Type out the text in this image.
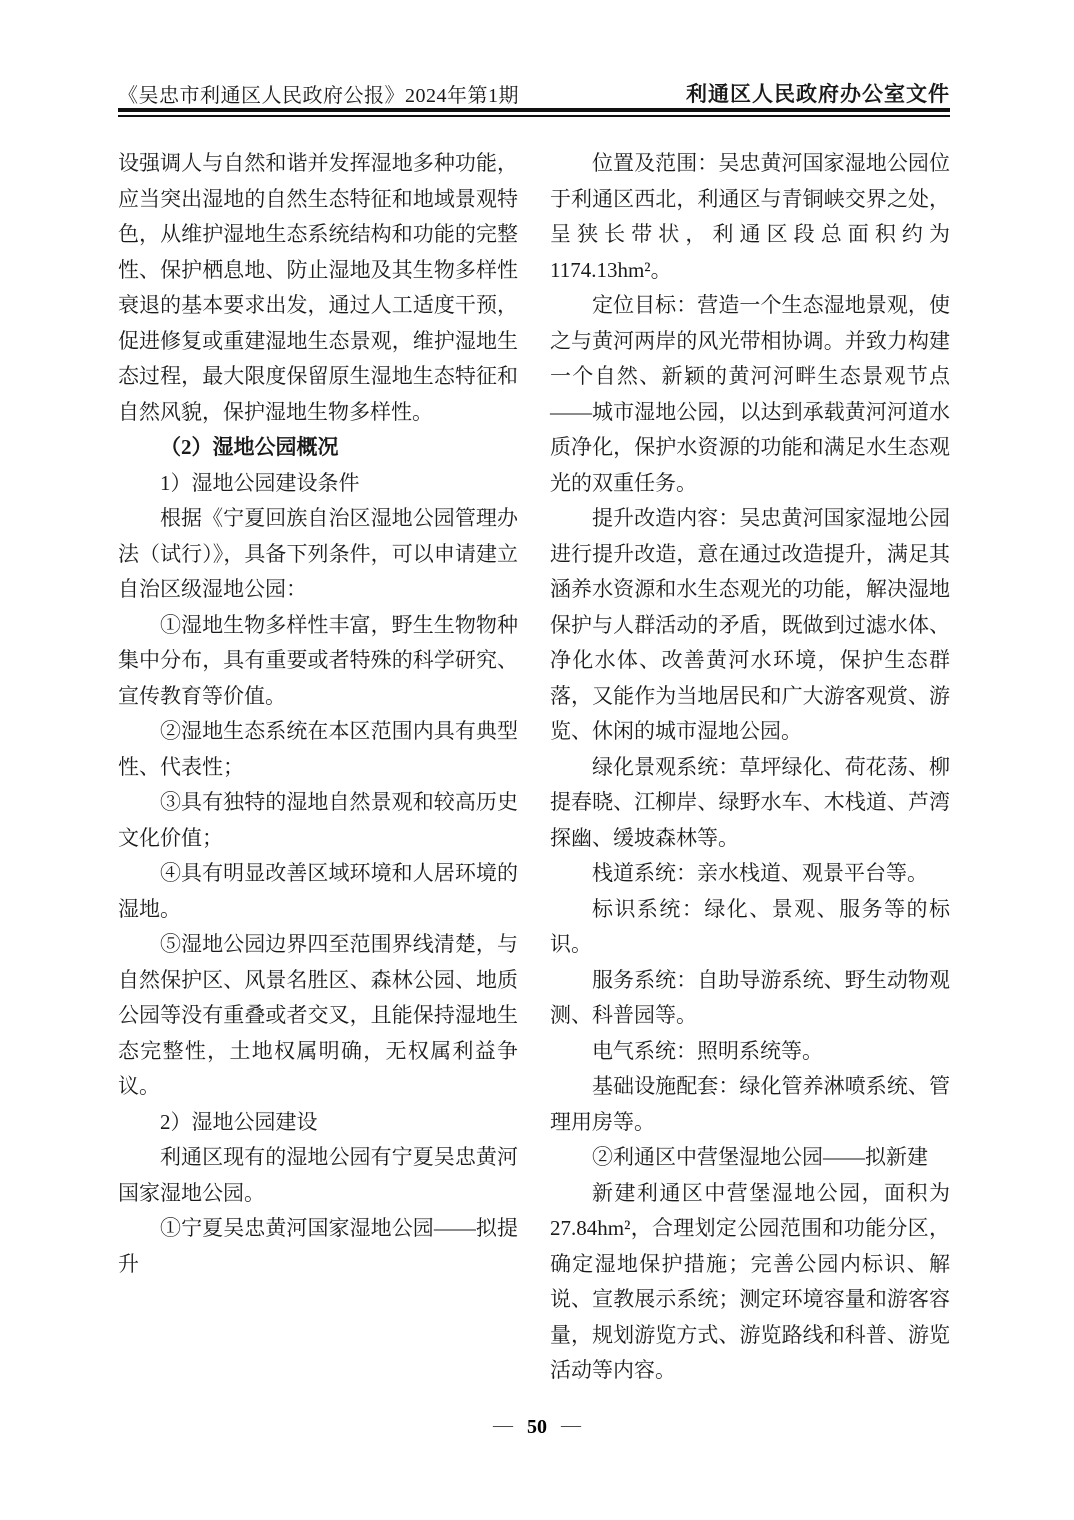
《吴忠市利通区人民政府公报》2024年第1期	利通区人民政府办公室文件

设强调人与自然和谐并发挥湿地多种功能，应当突出湿地的自然生态特征和地域景观特色，从维护湿地生态系统结构和功能的完整性、保护栖息地、防止湿地及其生物多样性衰退的基本要求出发，通过人工适度干预，促进修复或重建湿地生态景观，维护湿地生态过程，最大限度保留原生湿地生态特征和自然风貌，保护湿地生物多样性。

（2）湿地公园概况

1）湿地公园建设条件

根据《宁夏回族自治区湿地公园管理办法（试行）》，具备下列条件，可以申请建立自治区级湿地公园：

①湿地生物多样性丰富，野生生物物种集中分布，具有重要或者特殊的科学研究、宣传教育等价值。

②湿地生态系统在本区范围内具有典型性、代表性；

③具有独特的湿地自然景观和较高历史文化价值；

④具有明显改善区域环境和人居环境的湿地。

⑤湿地公园边界四至范围界线清楚，与自然保护区、风景名胜区、森林公园、地质公园等没有重叠或者交叉，且能保持湿地生态完整性，土地权属明确，无权属利益争议。

2）湿地公园建设

利通区现有的湿地公园有宁夏吴忠黄河国家湿地公园。

①宁夏吴忠黄河国家湿地公园——拟提升

位置及范围：吴忠黄河国家湿地公园位于利通区西北，利通区与青铜峡交界之处，呈狭长带状，利通区段总面积约为 1174.13hm²。

定位目标：营造一个生态湿地景观，使之与黄河两岸的风光带相协调。并致力构建一个自然、新颖的黄河河畔生态景观节点——城市湿地公园，以达到承载黄河河道水质净化，保护水资源的功能和满足水生态观光的双重任务。

提升改造内容：吴忠黄河国家湿地公园进行提升改造，意在通过改造提升，满足其涵养水资源和水生态观光的功能，解决湿地保护与人群活动的矛盾，既做到过滤水体、净化水体、改善黄河水环境，保护生态群落，又能作为当地居民和广大游客观赏、游览、休闲的城市湿地公园。

绿化景观系统：草坪绿化、荷花荡、柳提春晓、江柳岸、绿野水车、木栈道、芦湾探幽、缓坡森林等。

栈道系统：亲水栈道、观景平台等。

标识系统：绿化、景观、服务等的标识。

服务系统：自助导游系统、野生动物观测、科普园等。

电气系统：照明系统等。

基础设施配套：绿化管养淋喷系统、管理用房等。

②利通区中营堡湿地公园——拟新建

新建利通区中营堡湿地公园，面积为27.84hm²，合理划定公园范围和功能分区，确定湿地保护措施；完善公园内标识、解说、宣教展示系统；测定环境容量和游客容量，规划游览方式、游览路线和科普、游览活动等内容。

— 50 —
